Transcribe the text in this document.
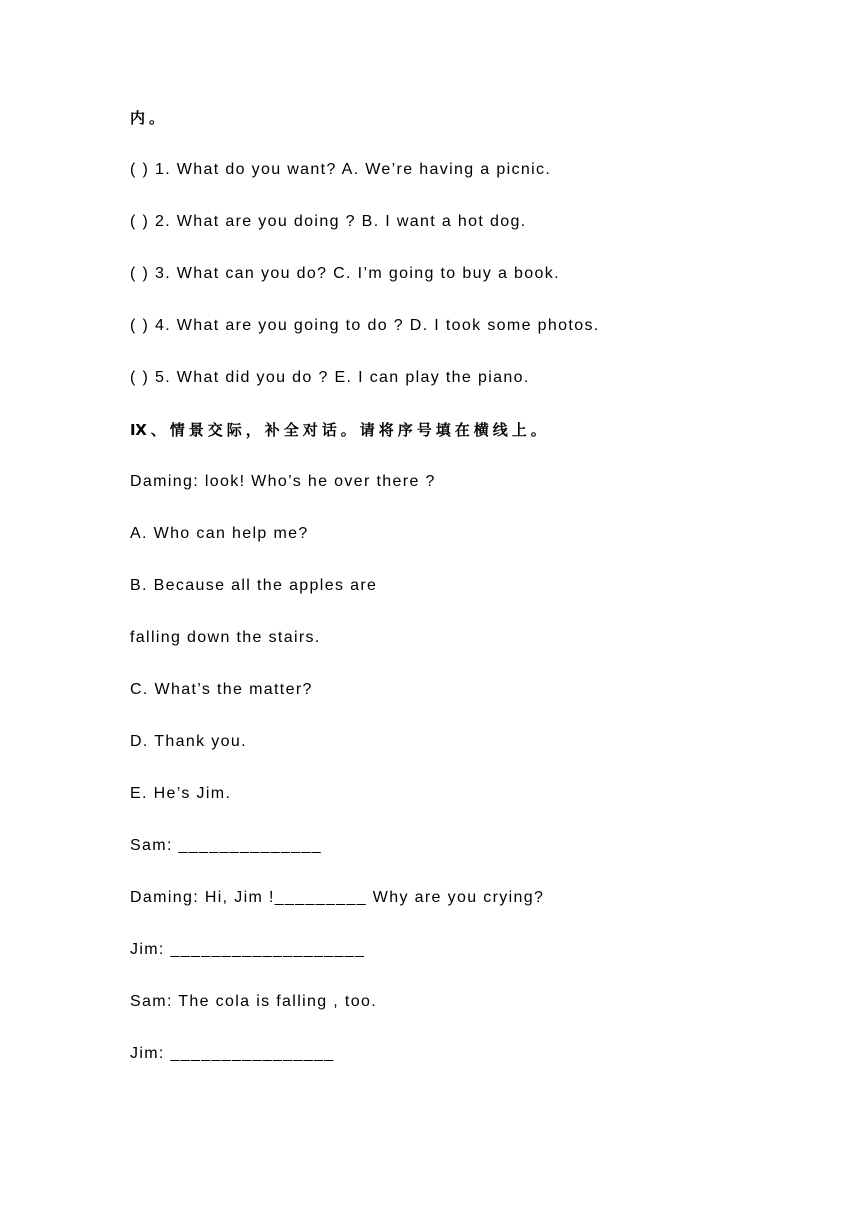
内。
( ) 1. What do you want? A. We’re having a picnic.
( ) 2. What are you doing ? B. I want a hot dog.
( ) 3. What can you do? C. I’m going to buy a book.
( ) 4. What are you going to do ? D. I took some photos.
( ) 5. What did you do ? E. I can play the piano.
Ⅸ、情景交际，补全对话。请将序号填在横线上。
Daming: look! Who’s he over there ?
A. Who can help me?
B. Because all the apples are
falling down the stairs.
C. What’s the matter?
D. Thank you.
E. He’s Jim.
Sam: ______________
Daming: Hi, Jim !_________ Why are you crying?
Jim: ___________________
Sam: The cola is falling , too.
Jim: ________________
